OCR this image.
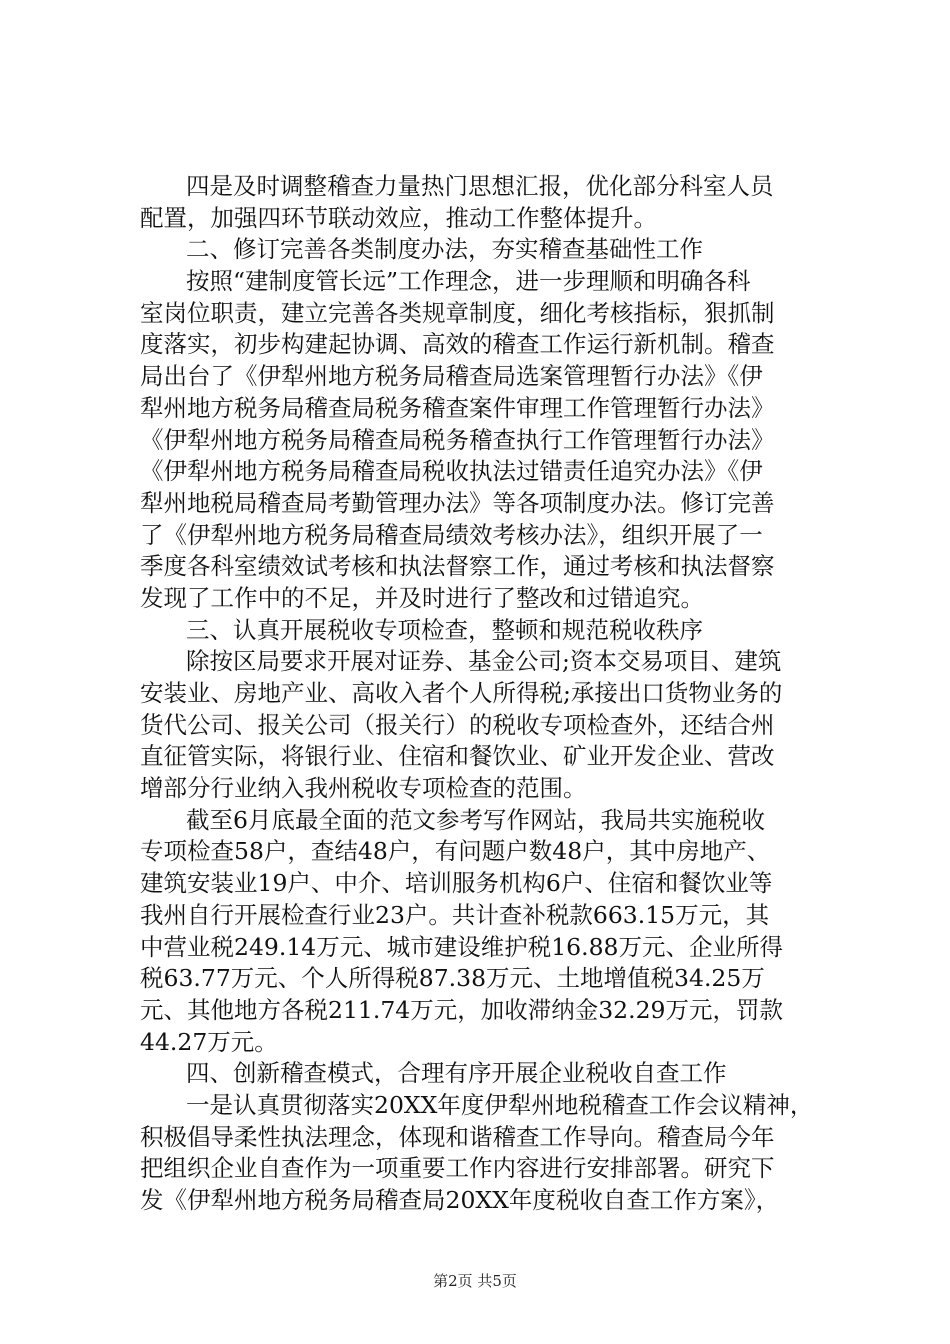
四是及时调整稽查力量热门思想汇报，优化部分科室人员
配置，加强四环节联动效应，推动工作整体提升。
二、修订完善各类制度办法，夯实稽查基础性工作
按照“建制度管长远”工作理念，进一步理顺和明确各科
室岗位职责，建立完善各类规章制度，细化考核指标，狠抓制
度落实，初步构建起协调、高效的稽查工作运行新机制。稽查
局出台了《伊犁州地方税务局稽查局选案管理暂行办法》《伊
犁州地方税务局稽查局税务稽查案件审理工作管理暂行办法》
《伊犁州地方税务局稽查局税务稽查执行工作管理暂行办法》
《伊犁州地方税务局稽查局税收执法过错责任追究办法》《伊
犁州地税局稽查局考勤管理办法》等各项制度办法。修订完善
了《伊犁州地方税务局稽查局绩效考核办法》，组织开展了一
季度各科室绩效试考核和执法督察工作，通过考核和执法督察
发现了工作中的不足，并及时进行了整改和过错追究。
三、认真开展税收专项检查，整顿和规范税收秩序
除按区局要求开展对证券、基金公司;资本交易项目、建筑
安装业、房地产业、高收入者个人所得税;承接出口货物业务的
货代公司、报关公司（报关行）的税收专项检查外，还结合州
直征管实际，将银行业、住宿和餐饮业、矿业开发企业、营改
增部分行业纳入我州税收专项检查的范围。
截至6月底最全面的范文参考写作网站，我局共实施税收
专项检查58户，查结48户，有问题户数48户，其中房地产、
建筑安装业19户、中介、培训服务机构6户、住宿和餐饮业等
我州自行开展检查行业23户。共计查补税款663.15万元，其
中营业税249.14万元、城市建设维护税16.88万元、企业所得
税63.77万元、个人所得税87.38万元、土地增值税34.25万
元、其他地方各税211.74万元，加收滞纳金32.29万元，罚款
44.27万元。
四、创新稽查模式，合理有序开展企业税收自查工作
一是认真贯彻落实20XX年度伊犁州地税稽查工作会议精神，
积极倡导柔性执法理念，体现和谐稽查工作导向。稽查局今年
把组织企业自查作为一项重要工作内容进行安排部署。研究下
发《伊犁州地方税务局稽查局20XX年度税收自查工作方案》，
第2页 共5页
